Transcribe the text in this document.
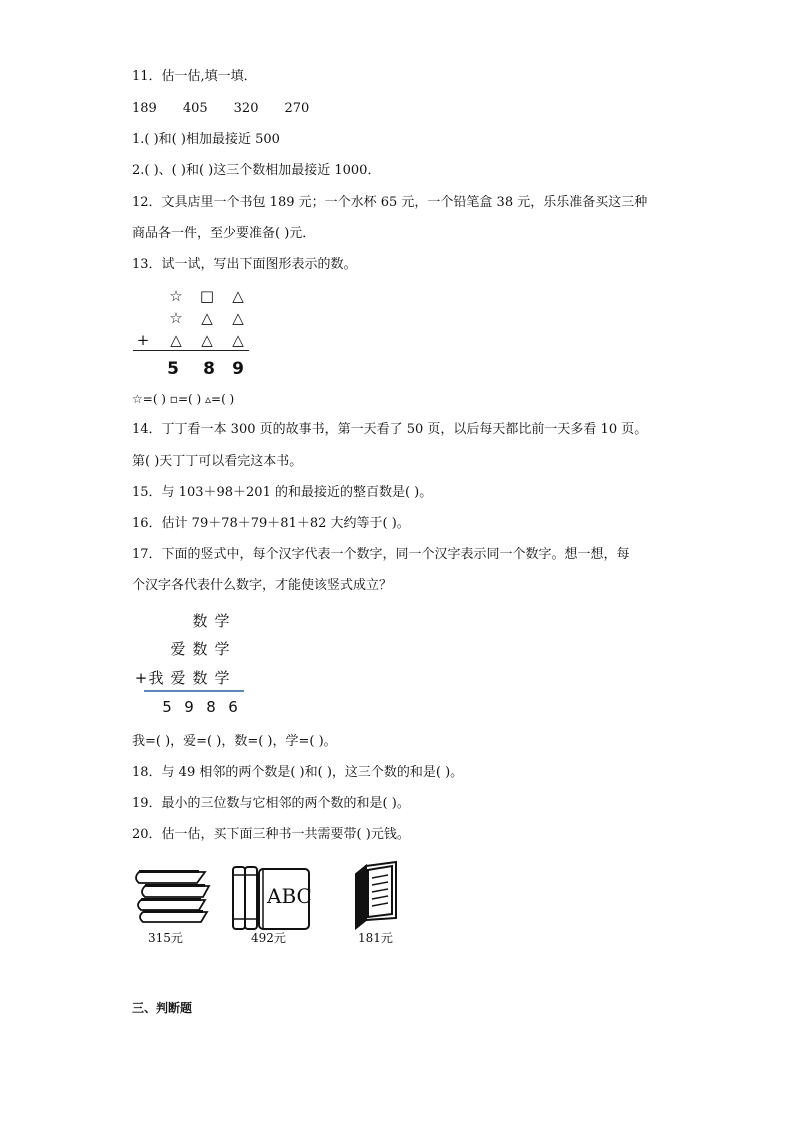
11．估一估,填一填．
189 405 320 270
1.( )和( )相加最接近 500
2.( )、( )和( )这三个数相加最接近 1000．
12．文具店里一个书包 189 元；一个水杯 65 元，一个铅笔盒 38 元，乐乐准备买这三种
商品各一件，至少要准备( )元．
13．试一试，写出下面图形表示的数。
☆ □ △
☆ △ △
+ △ △ △
5 8 9
☆=( ) ▫=( ) ▵=( )
14．丁丁看一本 300 页的故事书，第一天看了 50 页，以后每天都比前一天多看 10 页。
第( )天丁丁可以看完这本书。
15．与 103＋98＋201 的和最接近的整百数是( )。
16．估计 79＋78＋79＋81＋82 大约等于( )。
17．下面的竖式中，每个汉字代表一个数字，同一个汉字表示同一个数字。想一想，每
个汉字各代表什么数字，才能使该竖式成立？
数 学
爱 数 学
+ 我 爱 数 学
5 9 8 6
我=( )，爱=( )，数=( )，学=( )。
18．与 49 相邻的两个数是( )和( )，这三个数的和是( )。
19．最小的三位数与它相邻的两个数的和是( )。
20．估一估，买下面三种书一共需要带( )元钱。
315元
ABC
492元	181元
三、判断题
